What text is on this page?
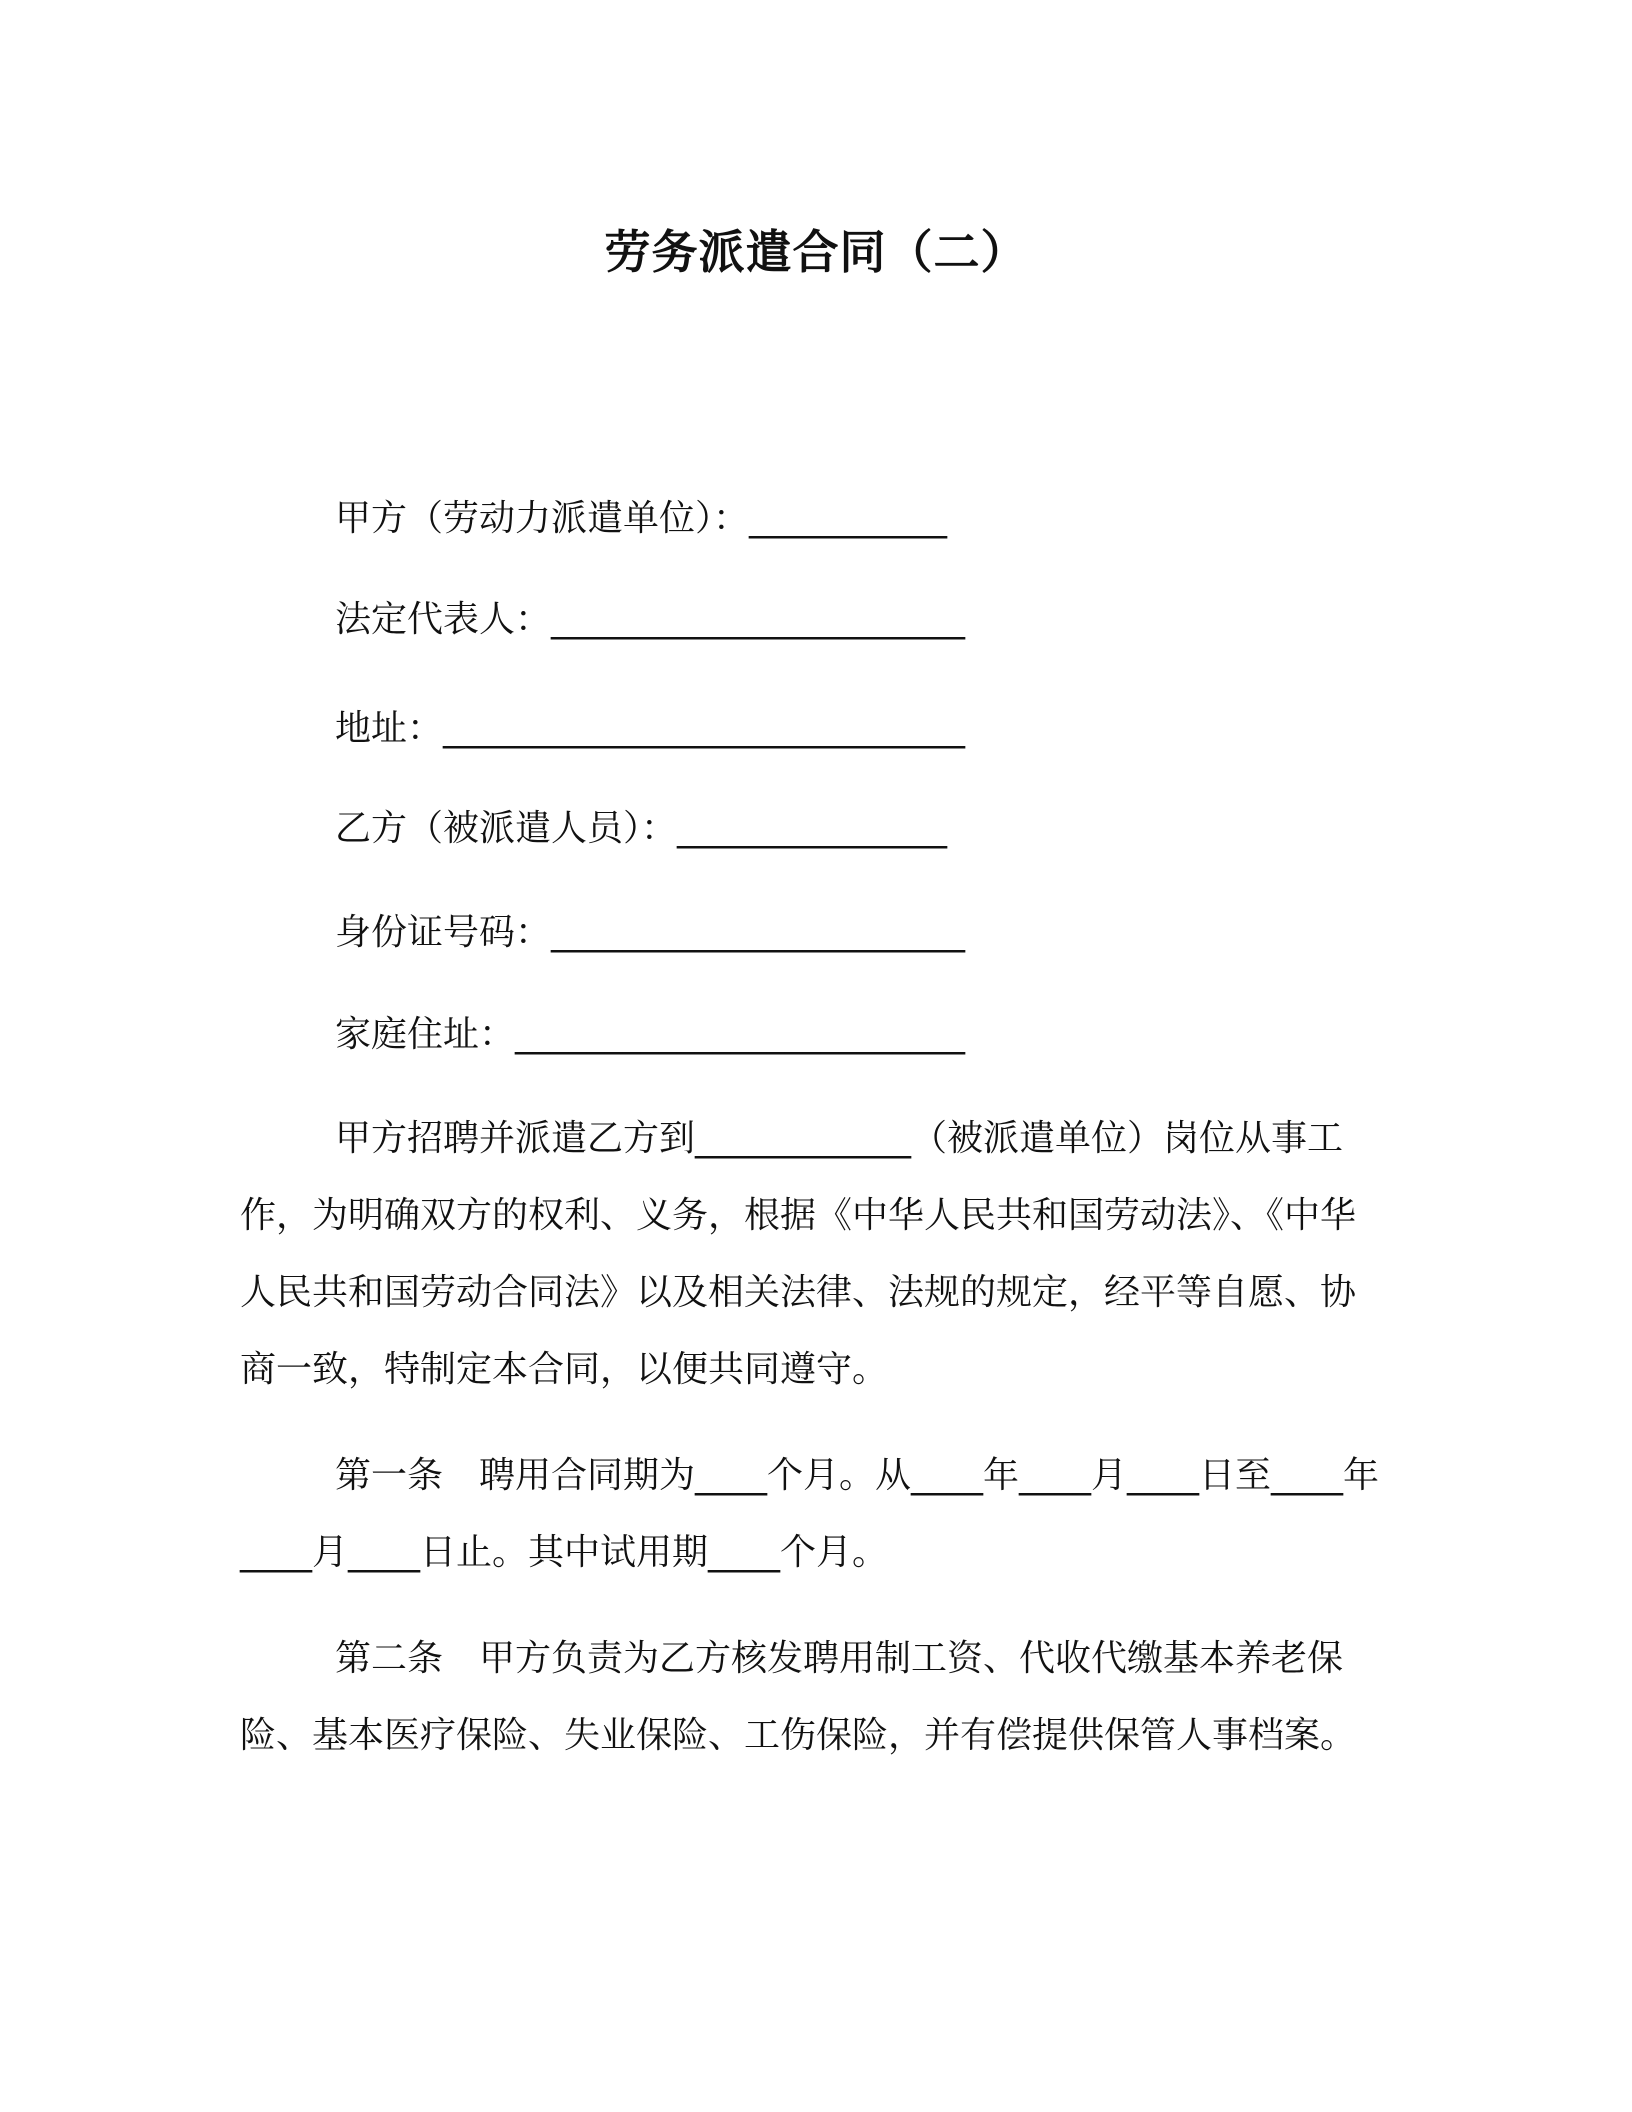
劳务派遣合同（二）

甲方（劳动力派遣单位）：___________

法定代表人：_______________________

地址：_____________________________

乙方（被派遣人员）：_______________

身份证号码：_______________________

家庭住址：_________________________

甲方招聘并派遣乙方到____________（被派遣单位）岗位从事工作，为明确双方的权利、义务，根据《中华人民共和国劳动法》、《中华人民共和国劳动合同法》以及相关法律、法规的规定，经平等自愿、协商一致，特制定本合同，以便共同遵守。

第一条　聘用合同期为____个月。从____年____月____日至____年____月____日止。其中试用期____个月。

第二条　甲方负责为乙方核发聘用制工资、代收代缴基本养老保险、基本医疗保险、失业保险、工伤保险，并有偿提供保管人事档案。
